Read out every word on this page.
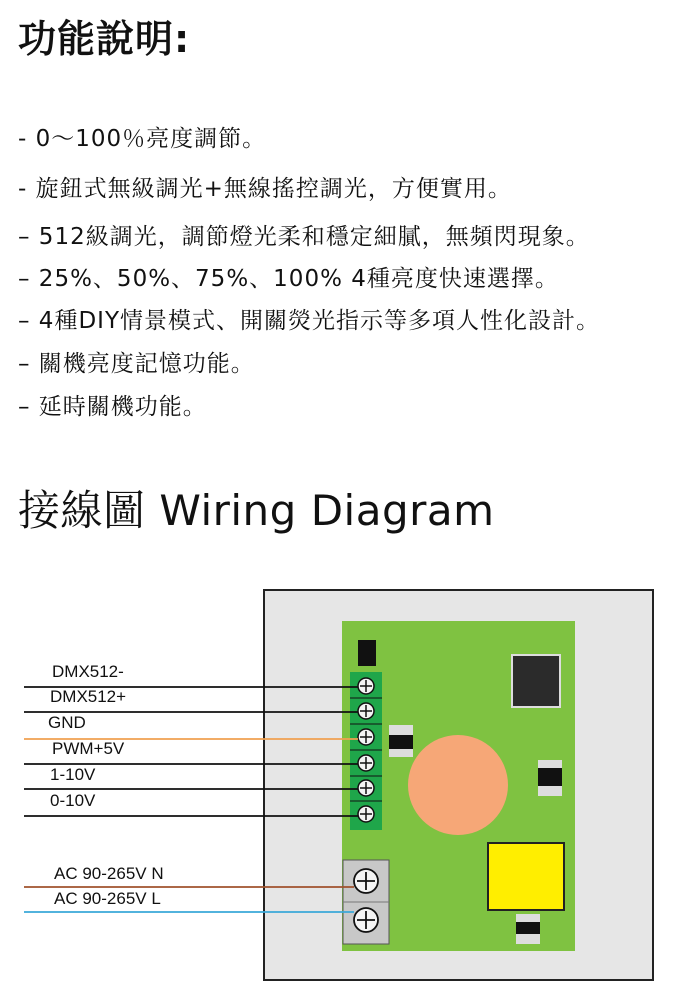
功能說明:
- 0～100％亮度調節。
- 旋鈕式無級調光+無線搖控調光，方便實用。
– 512級調光，調節燈光柔和穩定細膩，無頻閃現象。
– 25%、50%、75%、100% 4種亮度快速選擇。
– 4種DIY情景模式、開關熒光指示等多項人性化設計。
– 關機亮度記憶功能。
– 延時關機功能。
接線圖 Wiring Diagram
DMX512-
DMX512+
GND
PWM+5V
1-10V
0-10V
AC 90-265V N
AC 90-265V L
